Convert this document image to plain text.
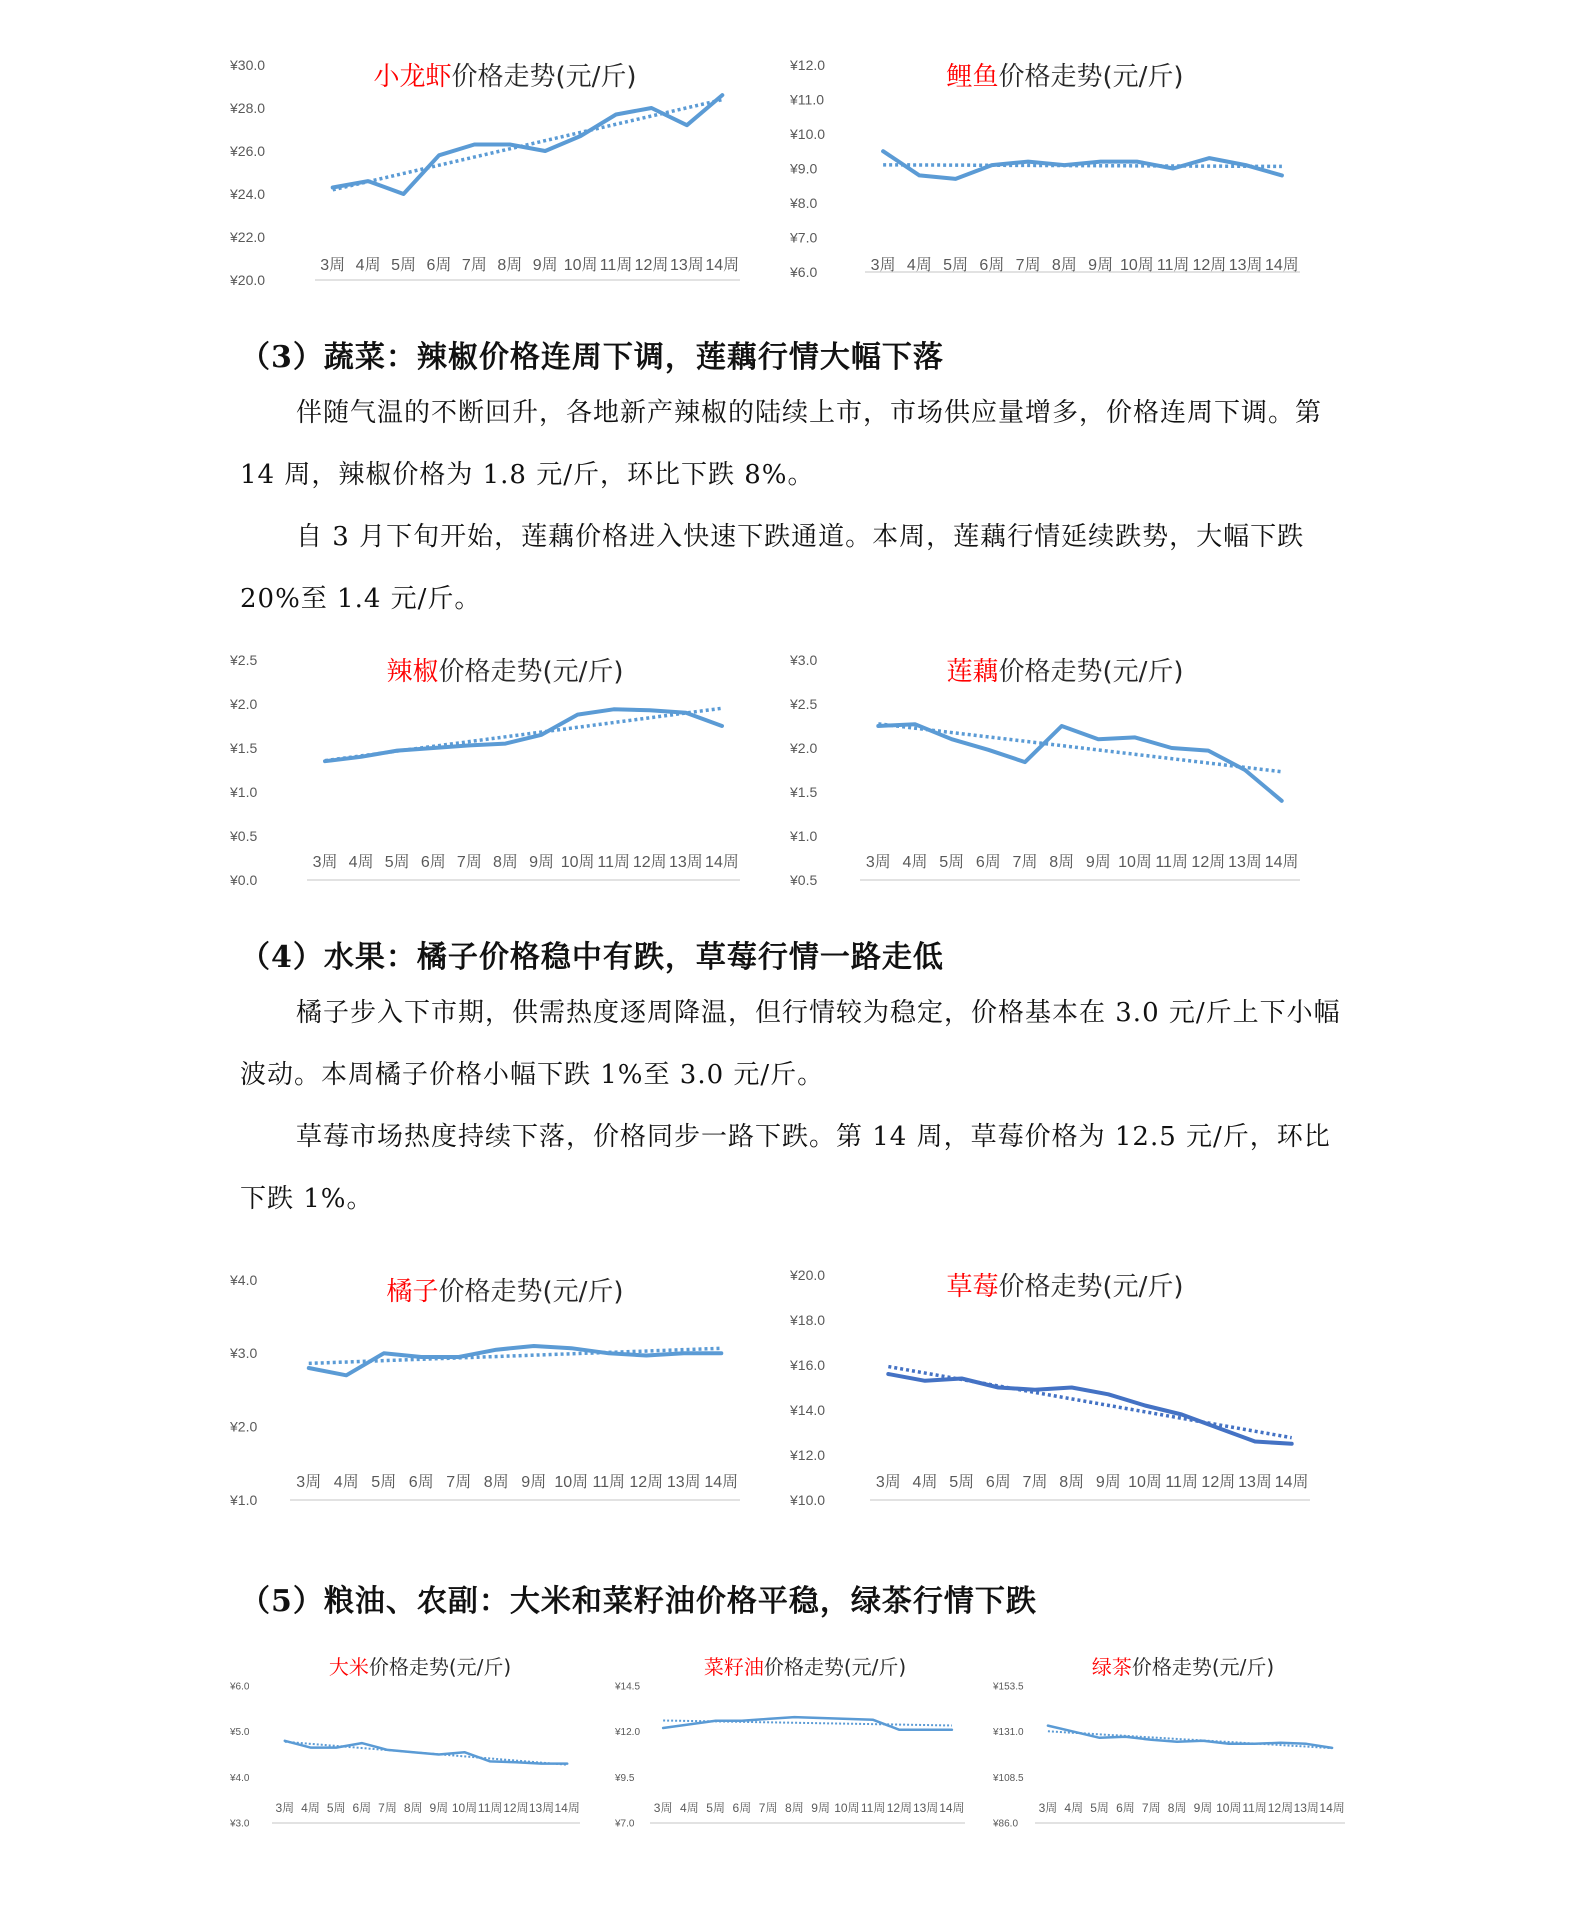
小龙虾价格走势(元/斤)
¥20.0
¥22.0
¥24.0
¥26.0
¥28.0
¥30.0
3周 4周 5周 6周 7周 8周 9周 10周 11周 12周 13周 14周
鲤鱼价格走势(元/斤)
¥6.0
¥7.0
¥8.0
¥9.0
¥10.0
¥11.0
¥12.0
3周 4周 5周 6周 7周 8周 9周 10周 11周 12周 13周 14周
（3）蔬菜：辣椒价格连周下调，莲藕行情大幅下落

伴随气温的不断回升，各地新产辣椒的陆续上市，市场供应量增多，价格连周下调。第 14 周，辣椒价格为 1.8 元/斤，环比下跌 8%。

自 3 月下旬开始，莲藕价格进入快速下跌通道。本周，莲藕行情延续跌势，大幅下跌 20%至 1.4 元/斤。

辣椒价格走势(元/斤)
¥0.0
¥0.5
¥1.0
¥1.5
¥2.0
¥2.5
3周 4周 5周 6周 7周 8周 9周 10周 11周 12周 13周 14周
莲藕价格走势(元/斤)
¥0.5
¥1.0
¥1.5
¥2.0
¥2.5
¥3.0
3周 4周 5周 6周 7周 8周 9周 10周 11周 12周 13周 14周
（4）水果：橘子价格稳中有跌，草莓行情一路走低

橘子步入下市期，供需热度逐周降温，但行情较为稳定，价格基本在 3.0 元/斤上下小幅波动。本周橘子价格小幅下跌 1%至 3.0 元/斤。

草莓市场热度持续下落，价格同步一路下跌。第 14 周，草莓价格为 12.5 元/斤，环比下跌 1%。

橘子价格走势(元/斤)
¥1.0
¥2.0
¥3.0
¥4.0
3周 4周 5周 6周 7周 8周 9周 10周 11周 12周 13周 14周
草莓价格走势(元/斤)
¥10.0
¥12.0
¥14.0
¥16.0
¥18.0
¥20.0
3周 4周 5周 6周 7周 8周 9周 10周 11周 12周 13周 14周
（5）粮油、农副：大米和菜籽油价格平稳，绿茶行情下跌
大米价格走势(元/斤)
¥3.0
¥4.0
¥5.0
¥6.0
3周 4周 5周 6周 7周 8周 9周 10周 11周 12周 13周 14周
菜籽油价格走势(元/斤)
¥7.0
¥9.5
¥12.0
¥14.5
3周 4周 5周 6周 7周 8周 9周 10周 11周 12周 13周 14周
绿茶价格走势(元/斤)
¥86.0
¥108.5
¥131.0
¥153.5
3周 4周 5周 6周 7周 8周 9周 10周 11周 12周 13周 14周
